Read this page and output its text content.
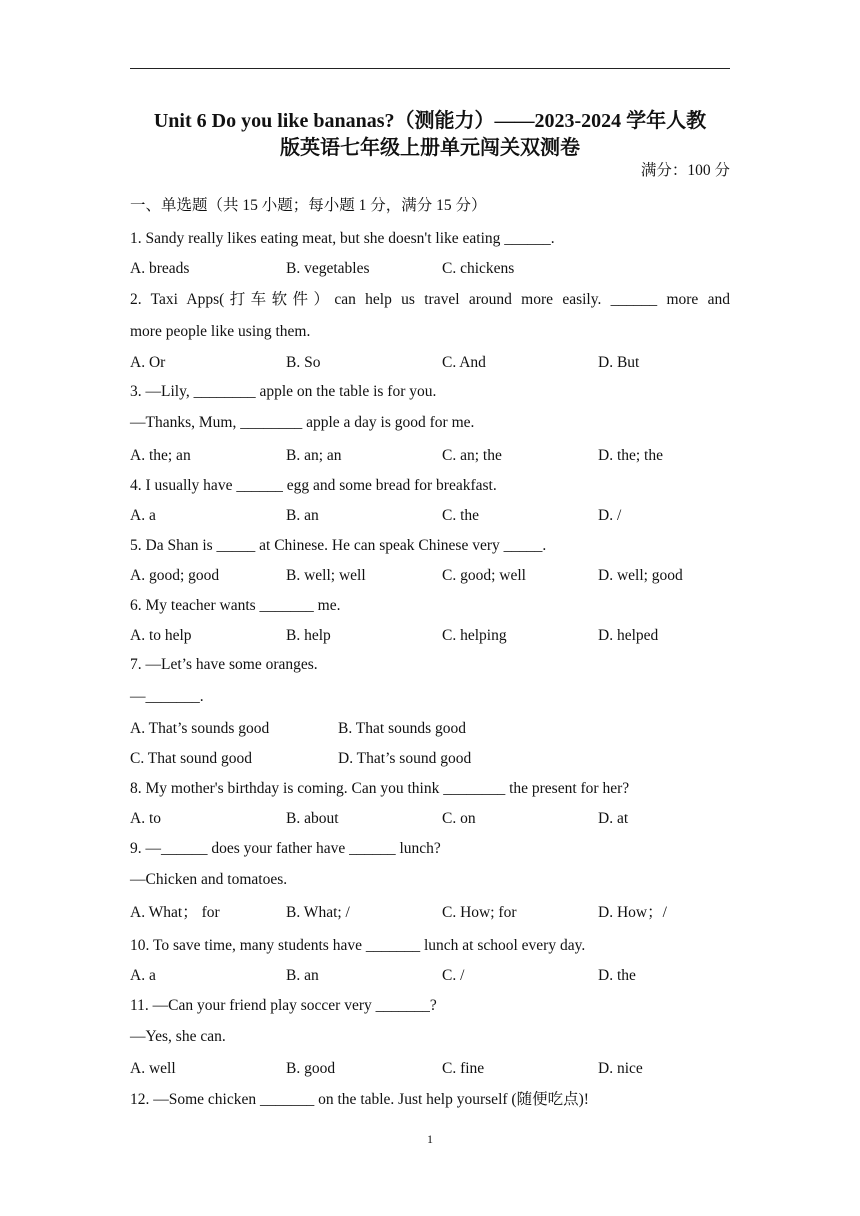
Unit 6 Do you like bananas?（测能力）——2023-2024 学年人教
版英语七年级上册单元闯关双测卷
满分：100 分
一、单选题（共 15 小题；每小题 1 分，满分 15 分）
1. Sandy really likes eating meat, but she doesn't like eating ______.
A. breads	B. vegetables	C. chickens
2. Taxi Apps(打车软件）can help us travel around more easily. ______ more and
more people like using them.
A. Or	B. So	C. And	D. But
3. —Lily, ________ apple on the table is for you.
—Thanks, Mum, ________ apple a day is good for me.
A. the; an	B. an; an	C. an; the	D. the; the
4. I usually have ______ egg and some bread for breakfast.
A. a	B. an	C. the	D. /
5. Da Shan is _____ at Chinese. He can speak Chinese very _____.
A. good; good	B. well; well	C. good; well	D. well; good
6. My teacher wants _______ me.
A. to help	B. help	C. helping	D. helped
7. —Let’s have some oranges.
—_______.
A. That’s sounds good	B. That sounds good
C. That sound good	D. That’s sound good
8. My mother's birthday is coming. Can you think ________ the present for her?
A. to	B. about	C. on	D. at
9. —______ does your father have ______ lunch?
—Chicken and tomatoes.
A. What； for	B. What; /	C. How; for	D. How；/
10. To save time, many students have _______ lunch at school every day.
A. a	B. an	C. /	D. the
11. —Can your friend play soccer very _______?
—Yes, she can.
A. well	B. good	C. fine	D. nice
12. —Some chicken _______ on the table. Just help yourself (随便吃点)!
1
